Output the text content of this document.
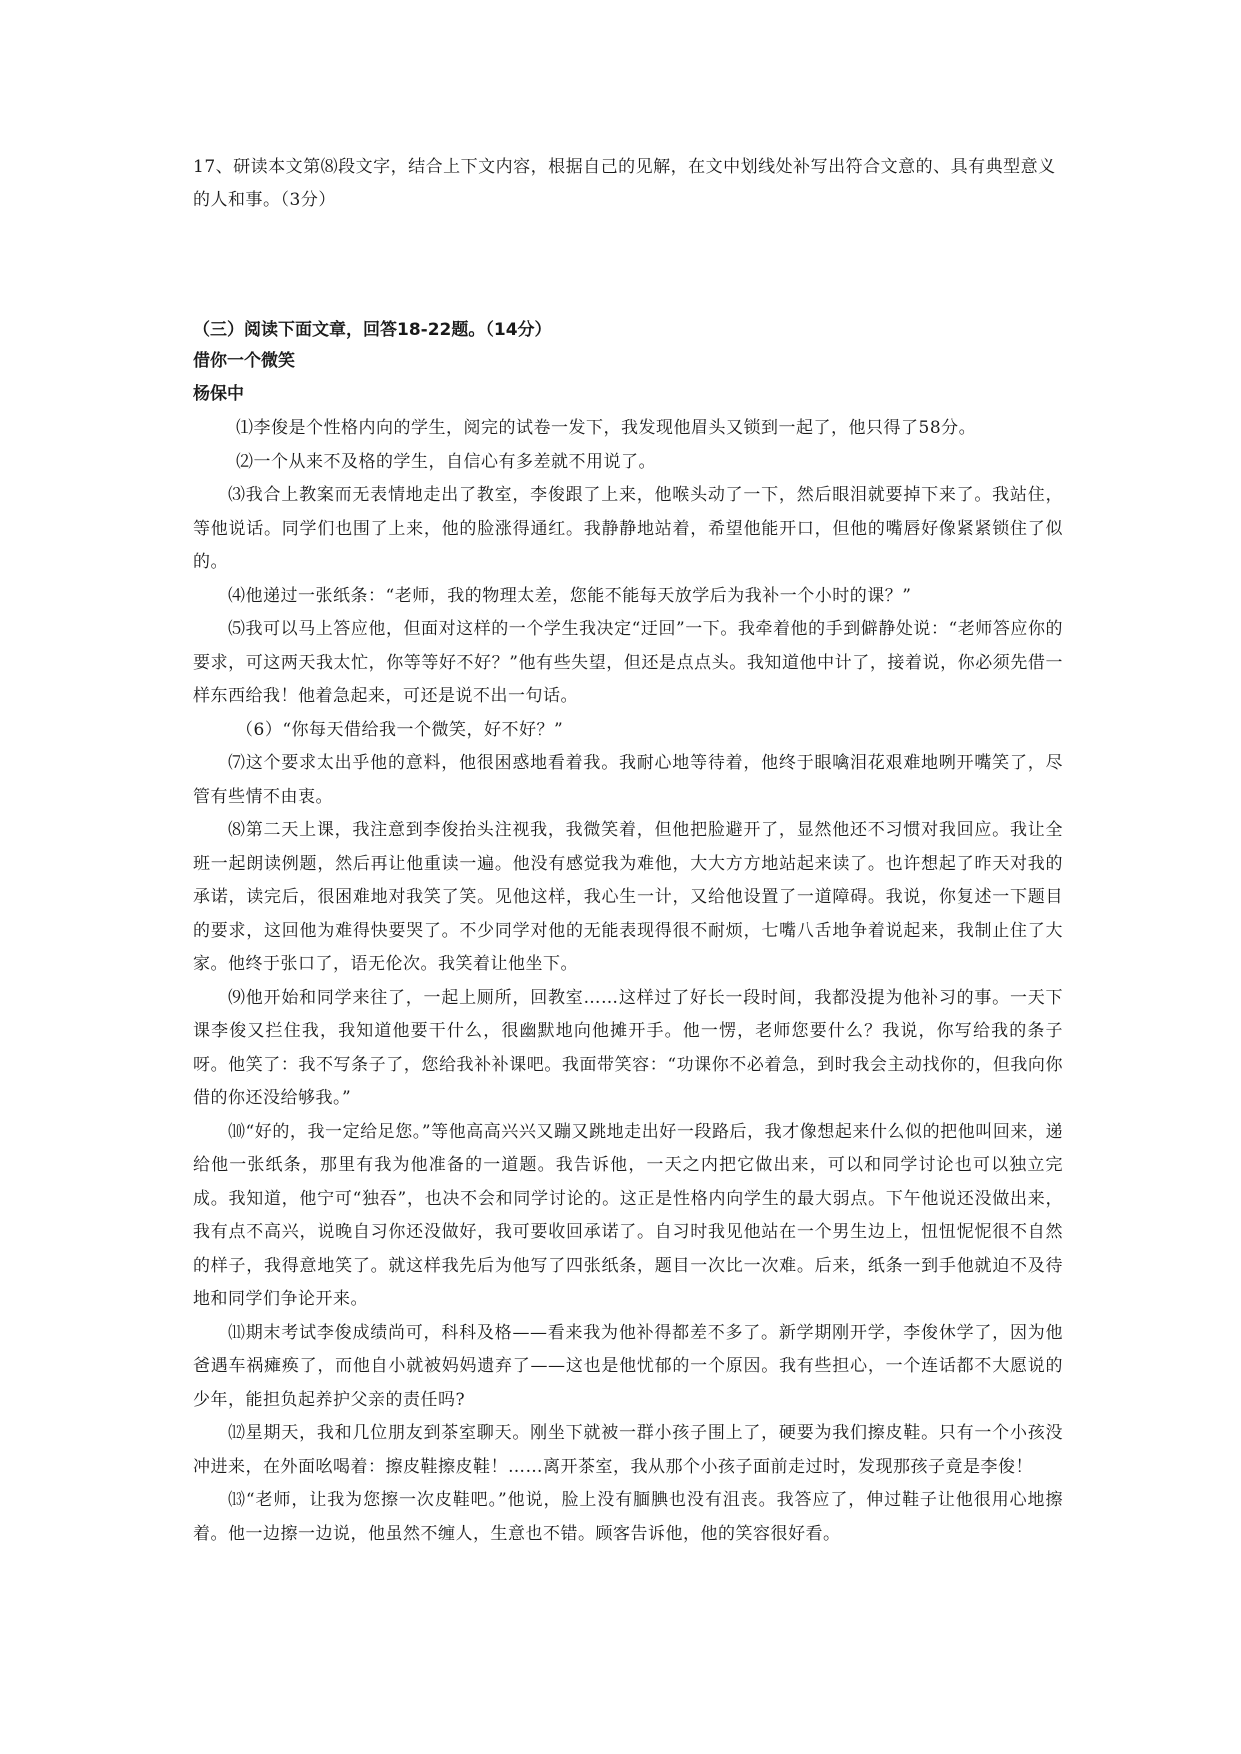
17、研读本文第⑻段文字，结合上下文内容，根据自己的见解，在文中划线处补写出符合文意的、具有典型意义的人和事。（3分）
（三）阅读下面文章，回答18-22题。（14分）
借你一个微笑
杨保中

⑴李俊是个性格内向的学生，阅完的试卷一发下，我发现他眉头又锁到一起了，他只得了58分。

⑵一个从来不及格的学生，自信心有多差就不用说了。

⑶我合上教案而无表情地走出了教室，李俊跟了上来，他喉头动了一下，然后眼泪就要掉下来了。我站住，等他说话。同学们也围了上来，他的脸涨得通红。我静静地站着，希望他能开口，但他的嘴唇好像紧紧锁住了似的。

⑷他递过一张纸条：“老师，我的物理太差，您能不能每天放学后为我补一个小时的课？”

⑸我可以马上答应他，但面对这样的一个学生我决定“迂回”一下。我牵着他的手到僻静处说：“老师答应你的要求，可这两天我太忙，你等等好不好？”他有些失望，但还是点点头。我知道他中计了，接着说，你必须先借一样东西给我！他着急起来，可还是说不出一句话。

（6）“你每天借给我一个微笑，好不好？”

⑺这个要求太出乎他的意料，他很困惑地看着我。我耐心地等待着，他终于眼噙泪花艰难地咧开嘴笑了，尽管有些情不由衷。

⑻第二天上课，我注意到李俊抬头注视我，我微笑着，但他把脸避开了，显然他还不习惯对我回应。我让全班一起朗读例题，然后再让他重读一遍。他没有感觉我为难他，大大方方地站起来读了。也许想起了昨天对我的承诺，读完后，很困难地对我笑了笑。见他这样，我心生一计，又给他设置了一道障碍。我说，你复述一下题目的要求，这回他为难得快要哭了。不少同学对他的无能表现得很不耐烦，七嘴八舌地争着说起来，我制止住了大家。他终于张口了，语无伦次。我笑着让他坐下。

⑼他开始和同学来往了，一起上厕所，回教室……这样过了好长一段时间，我都没提为他补习的事。一天下课李俊又拦住我，我知道他要干什么，很幽默地向他摊开手。他一愣，老师您要什么？我说，你写给我的条子呀。他笑了：我不写条子了，您给我补补课吧。我面带笑容：“功课你不必着急，到时我会主动找你的，但我向你借的你还没给够我。”

⑽“好的，我一定给足您。”等他高高兴兴又蹦又跳地走出好一段路后，我才像想起来什么似的把他叫回来，递给他一张纸条，那里有我为他准备的一道题。我告诉他，一天之内把它做出来，可以和同学讨论也可以独立完成。我知道，他宁可“独吞”，也决不会和同学讨论的。这正是性格内向学生的最大弱点。下午他说还没做出来，我有点不高兴，说晚自习你还没做好，我可要收回承诺了。自习时我见他站在一个男生边上，忸忸怩怩很不自然的样子，我得意地笑了。就这样我先后为他写了四张纸条，题目一次比一次难。后来，纸条一到手他就迫不及待地和同学们争论开来。

⑾期末考试李俊成绩尚可，科科及格——看来我为他补得都差不多了。新学期刚开学，李俊休学了，因为他爸遇车祸瘫痪了，而他自小就被妈妈遗弃了——这也是他忧郁的一个原因。我有些担心，一个连话都不大愿说的少年，能担负起养护父亲的责任吗?

⑿星期天，我和几位朋友到茶室聊天。刚坐下就被一群小孩子围上了，硬要为我们擦皮鞋。只有一个小孩没冲进来，在外面吆喝着：擦皮鞋擦皮鞋！……离开茶室，我从那个小孩子面前走过时，发现那孩子竟是李俊！

⒀“老师，让我为您擦一次皮鞋吧。”他说，脸上没有腼腆也没有沮丧。我答应了，伸过鞋子让他很用心地擦着。他一边擦一边说，他虽然不缠人，生意也不错。顾客告诉他，他的笑容很好看。
